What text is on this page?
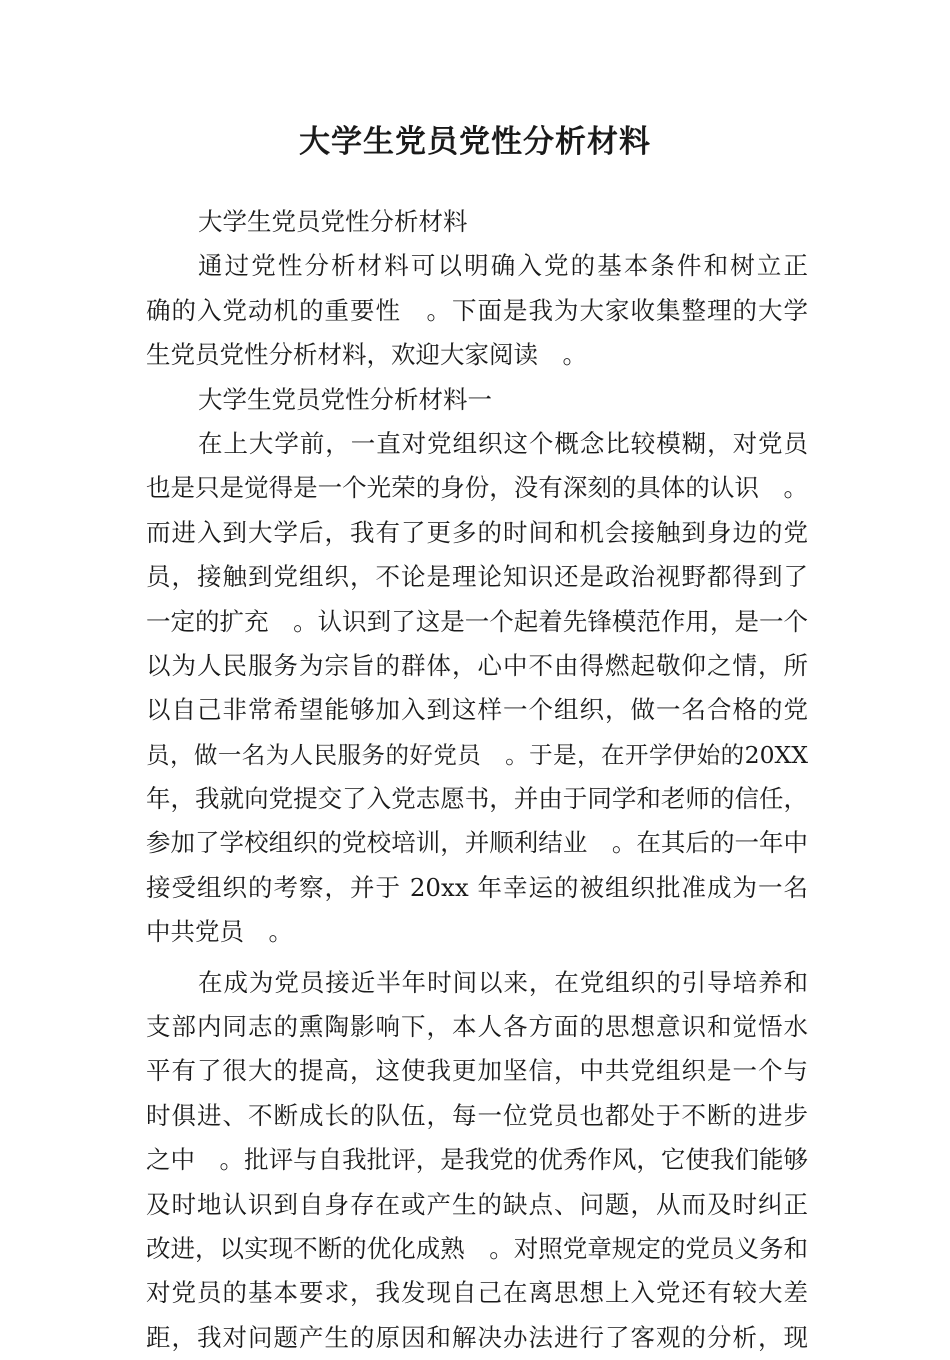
大学生党员党性分析材料
大学生党员党性分析材料
通过党性分析材料可以明确入党的基本条件和树立正
确的入党动机的重要性　。下面是我为大家收集整理的大学
生党员党性分析材料，欢迎大家阅读　。
大学生党员党性分析材料一
在上大学前，一直对党组织这个概念比较模糊，对党员
也是只是觉得是一个光荣的身份，没有深刻的具体的认识　。
而进入到大学后，我有了更多的时间和机会接触到身边的党
员，接触到党组织，不论是理论知识还是政治视野都得到了
一定的扩充　。认识到了这是一个起着先锋模范作用，是一个
以为人民服务为宗旨的群体，心中不由得燃起敬仰之情，所
以自己非常希望能够加入到这样一个组织，做一名合格的党
员，做一名为人民服务的好党员　。于是，在开学伊始的20XX
年，我就向党提交了入党志愿书，并由于同学和老师的信任，
参加了学校组织的党校培训，并顺利结业　。在其后的一年中
接受组织的考察，并于 20xx 年幸运的被组织批准成为一名
中共党员　。
在成为党员接近半年时间以来，在党组织的引导培养和
支部内同志的熏陶影响下，本人各方面的思想意识和觉悟水
平有了很大的提高，这使我更加坚信，中共党组织是一个与
时俱进、不断成长的队伍，每一位党员也都处于不断的进步
之中　。批评与自我批评，是我党的优秀作风，它使我们能够
及时地认识到自身存在或产生的缺点、问题，从而及时纠正
改进，以实现不断的优化成熟　。对照党章规定的党员义务和
对党员的基本要求，我发现自己在离思想上入党还有较大差
距，我对问题产生的原因和解决办法进行了客观的分析，现
